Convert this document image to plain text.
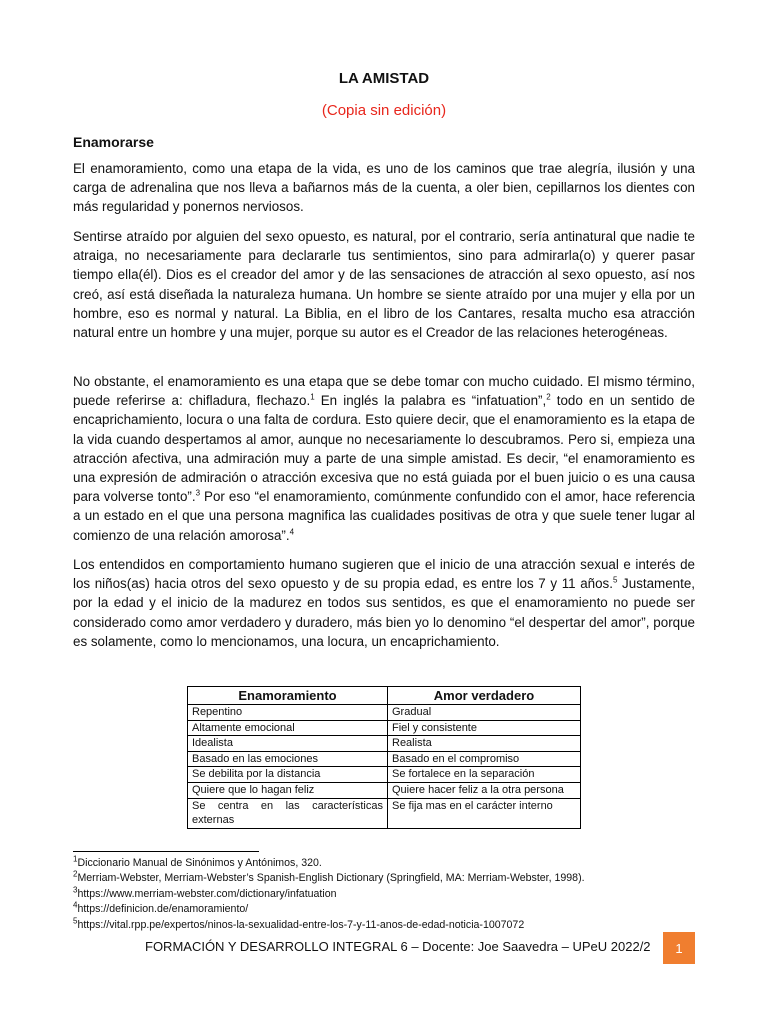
LA AMISTAD
(Copia sin edición)
Enamorarse

El enamoramiento, como una etapa de la vida, es uno de los caminos que trae alegría, ilusión y una carga de adrenalina que nos lleva a bañarnos más de la cuenta, a oler bien, cepillarnos los dientes con más regularidad y ponernos nerviosos.

Sentirse atraído por alguien del sexo opuesto, es natural, por el contrario, sería antinatural que nadie te atraiga, no necesariamente para declararle tus sentimientos, sino para admirarla(o) y querer pasar tiempo ella(él). Dios es el creador del amor y de las sensaciones de atracción al sexo opuesto, así nos creó, así está diseñada la naturaleza humana. Un hombre se siente atraído por una mujer y ella por un hombre, eso es normal y natural. La Biblia, en el libro de los Cantares, resalta mucho esa atracción natural entre un hombre y una mujer, porque su autor es el Creador de las relaciones heterogéneas.

No obstante, el enamoramiento es una etapa que se debe tomar con mucho cuidado. El mismo término, puede referirse a: chifladura, flechazo.$^1$ En inglés la palabra es “infatuation”,$^2$ todo en un sentido de encaprichamiento, locura o una falta de cordura. Esto quiere decir, que el enamoramiento es la etapa de la vida cuando despertamos al amor, aunque no necesariamente lo descubramos. Pero si, empieza una atracción afectiva, una admiración muy a parte de una simple amistad. Es decir, “el enamoramiento es una expresión de admiración o atracción excesiva que no está guiada por el buen juicio o es una causa para volverse tonto”.$^3$ Por eso “el enamoramiento, comúnmente confundido con el amor, hace referencia a un estado en el que una persona magnifica las cualidades positivas de otra y que suele tener lugar al comienzo de una relación amorosa”.$^4$

Los entendidos en comportamiento humano sugieren que el inicio de una atracción sexual e interés de los niños(as) hacia otros del sexo opuesto y de su propia edad, es entre los 7 y 11 años.$^5$ Justamente, por la edad y el inicio de la madurez en todos sus sentidos, es que el enamoramiento no puede ser considerado como amor verdadero y duradero, más bien yo lo denomino “el despertar del amor”, porque es solamente, como lo mencionamos, una locura, un encaprichamiento.

Enamoramiento	Amor verdadero
Repentino	Gradual
Altamente emocional	Fiel y consistente
Idealista	Realista
Basado en las emociones	Basado en el compromiso
Se debilita por la distancia	Se fortalece en la separación
Quiere que lo hagan feliz	Quiere hacer feliz a la otra persona
Se centra en las características externas	Se fija mas en el carácter interno
$^1$Diccionario Manual de Sinónimos y Antónimos, 320.
$^2$Merriam-Webster, Merriam-Webster’s Spanish-English Dictionary (Springfield, MA: Merriam-Webster, 1998).
$^3$https://www.merriam-webster.com/dictionary/infatuation
$^4$https://definicion.de/enamoramiento/
$^5$https://vital.rpp.pe/expertos/ninos-la-sexualidad-entre-los-7-y-11-anos-de-edad-noticia-1007072
FORMACIÓN Y DESARROLLO INTEGRAL 6 – Docente: Joe Saavedra – UPeU 2022/2 1
